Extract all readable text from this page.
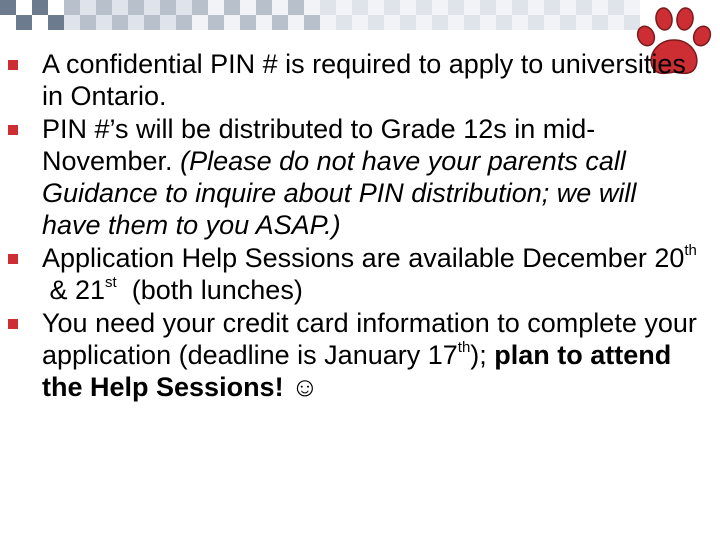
A confidential PIN # is required to apply to universities in Ontario.
PIN #’s will be distributed to Grade 12s in mid-November. (Please do not have your parents call Guidance to inquire about PIN distribution; we will have them to you ASAP.)
Application Help Sessions are available December 20th & 21st  (both lunches)
You need your credit card information to complete your application (deadline is January 17th); plan to attend the Help Sessions! ☺
